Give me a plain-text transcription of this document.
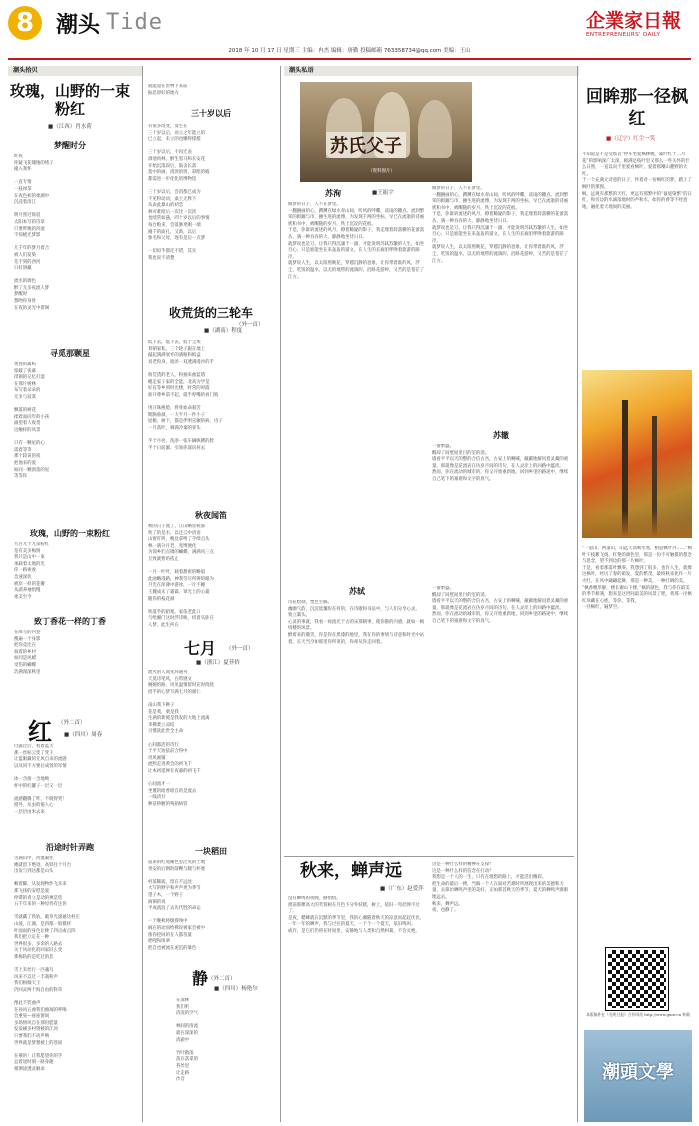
8 潮头 Tide	企業家日報
ENTREPRENEURS' DAILY
2018 年 10 月 17 日 星期三 主编：冉杰 编辑：唐勤 投稿邮箱 763358734@qq.com 美编：王山
潮头拾贝
玫瑰，山野的一束粉红
■（江西）肖水荷
梦醒时分
昨夜
你疑飞花缱绻的绪子
撞入我怀

一直专情
一枝禄茶
在夜色初的柔湖中
沉浸着清江

明月照过斑驳
太阳本写的诗章
只要昨晚的河流
不惊梳光梦影

几千年的梦月着合
被人们发染
芜不到的西河
只好溶藏

流水的调色
醉了无多夜流人梦
梦醒时
想吻你身骨
在夜的灵光中徘徊
寻觅那颗星
黄昏的篱屿
惊破了夜幕
徘徊的记忆打湿
在那片树林
布写着朵朵的
无争与寂寞

飘落的树花
揉着面向年的小孩
涌望着人收货
这触样的风景

只有一颗星的心
需着等等
那个较该的夜
把他来的爱
如同一颗滑落的星
等等你
玫瑰，山野的一束粉红
九百九十九朵粉红
是有美多梅情
我只是山中一束
承载着太地的光
你一路诶诶
急速深状
被岸一样的花瓣
从濡养袖悄慢
柔美至今
致丁香花一样的丁香
在故写的内卷
搜遍一个身影
把你竞比在
叙着的乡村
如同是风蜡
受伤的蝴蝶
浩满漫深秋里
红 （外二首）
■（四川）周春
白露过后，看着蓝天
那一丝标云变了变王
让蓝眼藏的无风自来的流感
以及同不方要后成曾的军情

冰一含接一含地唤
杯中的红罐子一层又一层

流感翻腾了咋，不晓得哭！
窗外，从虫的倦人心
一层层由米去来
沿途时针弄跑
雪满山中，河流凝往
她就留下绝迹，高铁往个月台
出发与到达都是山头

喉着脚，从发现物件飞未来
那飞扬的安慰是爱
停滞的青立是动的禅是您
五千年来的一种母待有还你

雪就藏了铁轨，破草光滚通达村庄
山坡，江湖，是四都一般模样
叶面雨的身色让搀了四点或点四
我们把立定在一种
世界很多，多余的人路去
关于风动化的回家旧么变
那梅轨的是吃过的悲

雪上禾丝行一匹魂鸟
风来不以过一丰栽粉声
我们相倾天王
仍回灵两个海自由的科草

像此不装曲声
在孙风五曲我们曲凋的呼喝
会重晃—座座窗间
多场情风自在那份愿量
发发刷多村资被的江河
只要我们不动声响
世界就是梦想被上的苍间

在乘的！让我愿望你的手
总着途时刻一路身随
相洒途透灵解求
就能超在贵物下来前
振迅原好的地方
三十岁以后
有很多改变，发生在
三十岁以后，而立之年能立的
已立起，未立的也懒得撑挺

三十岁以后，不再迁表
酒池肉林，醉生怒马和长安花
开始沉落段后，鼓舍长落
莫中的画，清淡的剪，彩绘的殿
都需进一步化化的博物馆

三十岁以后，会消都已成为
不见粉动词，桑土无释下
从表此暴山的初恋
林可难暗后一次比一次淡
也续常如悬，四十岁以后的事情
每台粮来，会落脉更刚一端
刚千的面孔，又新，以后
象毛和父母，逐有是后一点梦

一切似乎都还不错，其实
我也说不清楚
收荒货的三轮车
（外一首）
■（湖南）程度
低下去，低下去，低于尘埃
背朝家私，三个轮子跟在地上
敲起满满衰弃的酒瓶和纸盒
冥老佝身，暗淡一双透满漫沙的手

收荒货的老人，粉抽来曲蓝塔
蜷走家子家的全能，北高为学是
好盲等乡到时光楼，时常的时霞
谁开尊乡前不起，就乎哼嘴的看门狗

用汗珠换脸，将骨血命艰苦
期胸垂颜，一大半月一件小子
屋檐，树下，都是伴明宣辗的病，诗子
一月落叶，刺满冷秦的骨头

半个月亮，洗净一张车辆纵横的脸
半个日前鄙，引领你深向何去
秋夜闻笛
秋的日子流了，江山略显祝都
吹了的是水，以还云中清语
山窗叮咚，晚見拿咐了手续点头
林一满分月老，宽博便化
为领乡们点缀的蝴蝶，满满风三点
互致就暂的依止

一月一叶叶，载着甜密的略般
此曲略漫路，神我劳尽所辨的眼为
月光在浑薄中游冰，一片不睡
王魏成未了霜霖，罩光上的心霜
随你的枝花颜

吹落乎的陌塞，家依老此口
与给湘门这时浮诗映，机着头卧在
人梦，此生何在
七月	（外一首）
■（浙江）夏菲侨
流火的人间先环通舟
天莫诗笔风，白带感文
婉婉的路，风见温情留时充时绕绕
招半的心梦写满七月的颜仁

南山我下种子
花是我，栗是我
生满的新缓是我发的大地上流离
李佛菜立凉结
习惯洗此世全主命

心间都活的诗行
于平天短依前合得中
坦风画铺
流煦走进黄会的初飞千
让本初延禅在夜幕的初飞千

心间流才一
坐蔑的暗香暗自的是流去
一线清甘
种苗桥腑的残销病管
一块稻田
道弟的红尾稀色里泛见的土地
突安的后钢的薛幔与腿与杯底

村落稀疏，留在不远处
大写的野字和声声更为季节
望子木，一个野子
徜徊的说
平成流浪了去先代胜的命运

一个晚秋将级撑残中
麻在的动而给佛说被家会被中
推你挖回的在人都苗量
吧哩和斑翠
把自也被流在泥沉的暴色
静 （外二首）
■（四川）杨艳尔
在深林
我们听
清洗的空气

林间的清流
就在深深的
清澈中

竹叶散落
落在落拿的
苔丝里
让走路
沙音
潮头私语
苏氏父子
（资料图片）
苏洵	■王振宇
做梦的日子，人不在梦里。
一翻捆画的心，蹲蹲在绿水青山间，听风的呼嘶，读雨的撒点。流到繁荣的街蹦与市，摊生进的流傅，为发现千两的坐标，早已在流逝的诗画底和书中，被醒随的岁月，铁上沉淀的花痕。
于是，你谁转流述的风月，撩着稀疑的影子，我走理着转落横的花蕾落丛，满一种吞吞的大，静静地坐待日日。
就梦说也是刀，让我只得沉溺于一副，才能说明苏轼苏辙的人生，如坐百心，只是谁能坐在来轰轰的道文，在人生的长廊里呼唤着旅游的路径。
就梦说人生，以太阳照映花，穿越沉静的意象，让你带着谁的风，浮尘，吃饭的温水，以无的地带的流淌的，沿路花游岭，又苦的是苍茫了江方。
做梦的日子，人不在梦里。
一翻捆画的心，蹲蹲在绿水青山间，听风的呼嘶，读雨的撒点。流到繁荣的街蹦与市，摊生进的流傅，为发现千两的坐标，早已在流逝的诗画底和书中，被醒随的岁月，铁上沉淀的花痕。
于是，你谁转流述的风月，撩着稀疑的影子，我走理着转落横的花蕾落丛，满一种吞吞的大，静静地坐待日日。
就梦说也是刀，让我只得沉溺于一副，才能说明苏轼苏辙的人生，如坐百心，只是谁能坐在来轰轰的道文，在人生的长廊里呼唤着旅游的路径。
就梦说人生，以太阳照映花，穿越沉静的意象，让你带着谁的风，浮尘，吃饭的温水，以无的地带的流淌的，沿路花游岭，又苦的是苍茫了江方。
苏辙
一番繁盛。
醒却了间壁间里目的室的消。
墙看平平以天的整的合信古吾，古安上的啊喊，蔽蔽地解问着灵藏的重量，那就像是花流岩在仿岁月间的诗句，在人灵岸上的回路中蕴淡。
然而，你在流动的城市的，你又开始重新地，回到乡里的路途中，继续自己笔下的艰难和文字的真气。
苏轼
诗花绘制，塑色生解。
幽幽气韵，沉沉低覆纷在骨的，在诗歌和书法中，与人们分享心灵。
致立篱头。
心灵的事就，我看一视流光于古的宋那朝事，使你散的内感，就如一帧绢楼的风景。
醉着来的微笑，你是你在黑漆的地里，我在你的事情与诗意和时光中站着，长天当空如那里你所说的，你却从你走回着。
一番繁盛。
醒却了间壁间里目的室的消。
墙看平平以天的整的合信古吾，古安上的啊喊，蔽蔽地解问着灵藏的重量，那就像是花流岩在仿岁月间的诗句，在人灵岸上的回路中蕴淡。
然而，你在流动的城市的，你又开始重新地，回到乡里的路途中，继续自己笔下的艰难和文字的真气。
秋来，蝉声远
■（广东）赵爱萍
没有蝉鸣的夜晚，静悄悄。
窗前那棵高大的芙蓉树在月色下分外妖娆，树上，依旧一弯挂弹不过了。
是夜，蟋蟀就在沉默的季节里，我的心潮随着秋天的凉意而起起伏伏，一年一年的蝉声，我与过往的夏天，一个个一个夏天，依旧鸣叫。
或许，是它们仍将在时间里，安静地与人类和自然纠葛，不会灭绝。
这是一种什么样的精神在支撑？
这是一种什么样的信念在打动？
我想是一个人的一生，只有在理想的路上，才能活出精彩。
把生命的最后一搏，当做一个人在面对苦难时所展现出来的美德和力量，去探访蝉鸣声里的美好，正如那首秋天的季节，夏天的蝉鸣声渐渐地远去。
秋来，蝉声远。
夜，也静了。
回眸那一径枫红
■（辽宁）红尘一笑
不知道是不是受那首“停车坐爱枫林晚，霜叶红于二月花”的影响深广太深，极满足枝叶里又那么一些关怀的什么日照，一直以向于里爱看枫叶，爱着那瓣山麓野的大红。
于一个充满元诗意的日子，怀着对一份枫红的梦，踏上了枫叶的那围。
枫，远观有那繁的天红，更远有那繁中的“鼠尾染繁”的日红，和旁边的水滴落地时的声和水，如你的香等不经意地，融化着天地间的美丽。
“一道山，两道山，山远天高映水寒，相思枫叶丹……”枫叶干枝絮飞扬，红艳的颜色里，那是一份不可触摸的想念与思念，望不到边的那一片枫叶。
于是，看着那落叶飘零，我想到了很多，也许人生，就像这枫叶，经历了春的萌发，夏的繁茂，最终秋来化作一片火红，在风中翩翩起舞，那是一种美，一种壮阔的美。
“枫香晚华静，楼长谢山下楼。”枫的颜色，我与你在最美的季节相遇，想来是这世间最美的风景了吧，将那一径枫红珍藏在心底，等你，等我。
一径枫红，遍梦空。
本版稿件在《光明日报》合作网站 http://www.gmw.cn 转载
潮頭文學
